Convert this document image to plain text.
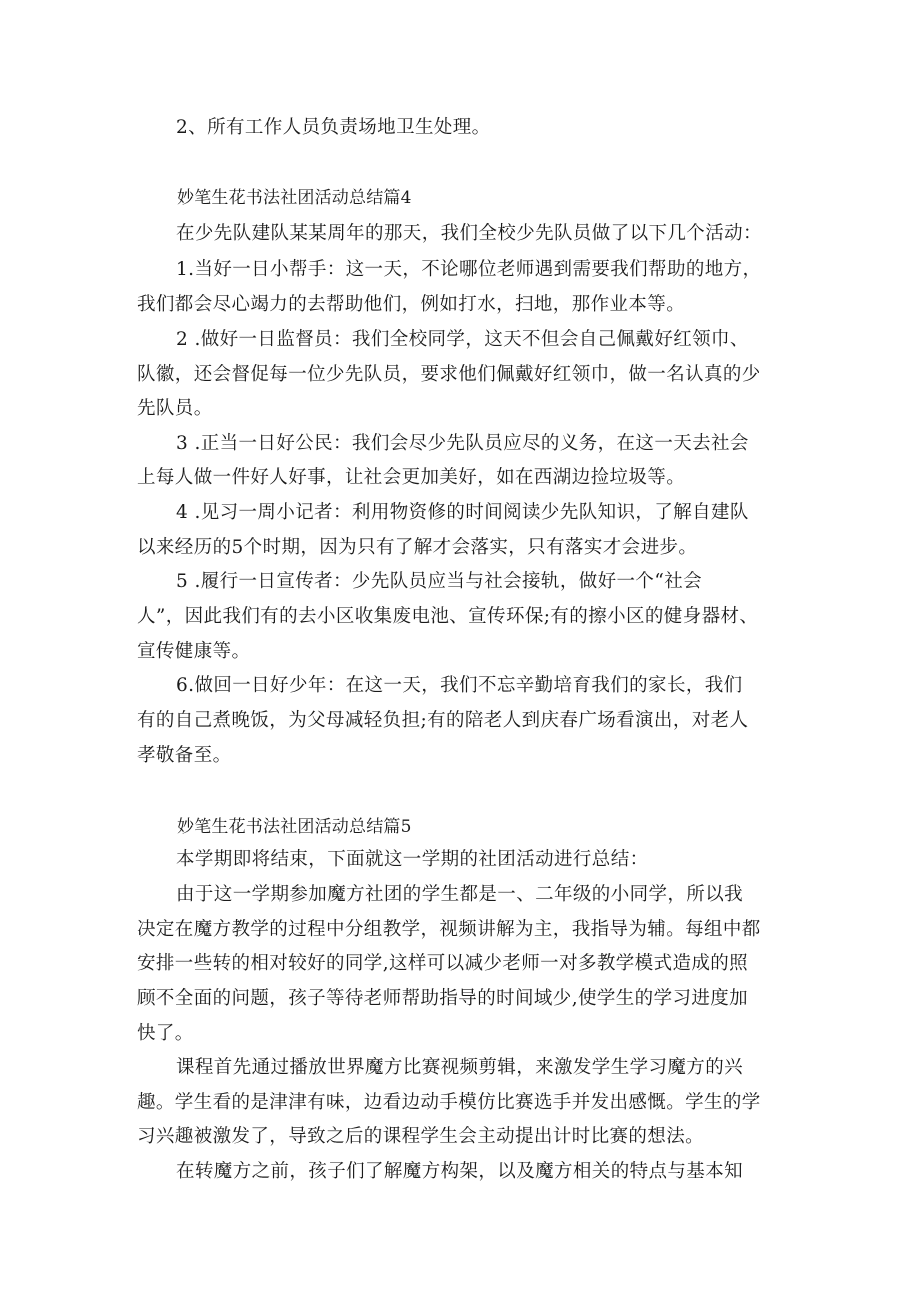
2、所有工作人员负责场地卫生处理。
妙笔生花书法社团活动总结篇4
在少先队建队某某周年的那天，我们全校少先队员做了以下几个活动：
1.当好一日小帮手：这一天，不论哪位老师遇到需要我们帮助的地方，
我们都会尽心竭力的去帮助他们，例如打水，扫地，那作业本等。
2 .做好一日监督员：我们全校同学，这天不但会自己佩戴好红领巾、
队徽，还会督促每一位少先队员，要求他们佩戴好红领巾，做一名认真的少
先队员。
3 .正当一日好公民：我们会尽少先队员应尽的义务，在这一天去社会
上每人做一件好人好事，让社会更加美好，如在西湖边捡垃圾等。
4 .见习一周小记者：利用物资修的时间阅读少先队知识，了解自建队
以来经历的5个时期，因为只有了解才会落实，只有落实才会进步。
5 .履行一日宣传者：少先队员应当与社会接轨，做好一个“社会
人”，因此我们有的去小区收集废电池、宣传环保;有的擦小区的健身器材、
宣传健康等。
6.做回一日好少年：在这一天，我们不忘辛勤培育我们的家长，我们
有的自己煮晚饭，为父母减轻负担;有的陪老人到庆春广场看演出，对老人
孝敬备至。
妙笔生花书法社团活动总结篇5
本学期即将结束，下面就这一学期的社团活动进行总结：
由于这一学期参加魔方社团的学生都是一、二年级的小同学，所以我
决定在魔方教学的过程中分组教学，视频讲解为主，我指导为辅。每组中都
安排一些转的相对较好的同学,这样可以减少老师一对多教学模式造成的照
顾不全面的问题，孩子等待老师帮助指导的时间域少,使学生的学习进度加
快了。
课程首先通过播放世界魔方比赛视频剪辑，来激发学生学习魔方的兴
趣。学生看的是津津有味，边看边动手模仿比赛选手并发出感慨。学生的学
习兴趣被激发了，导致之后的课程学生会主动提出计时比赛的想法。
在转魔方之前，孩子们了解魔方构架，以及魔方相关的特点与基本知
